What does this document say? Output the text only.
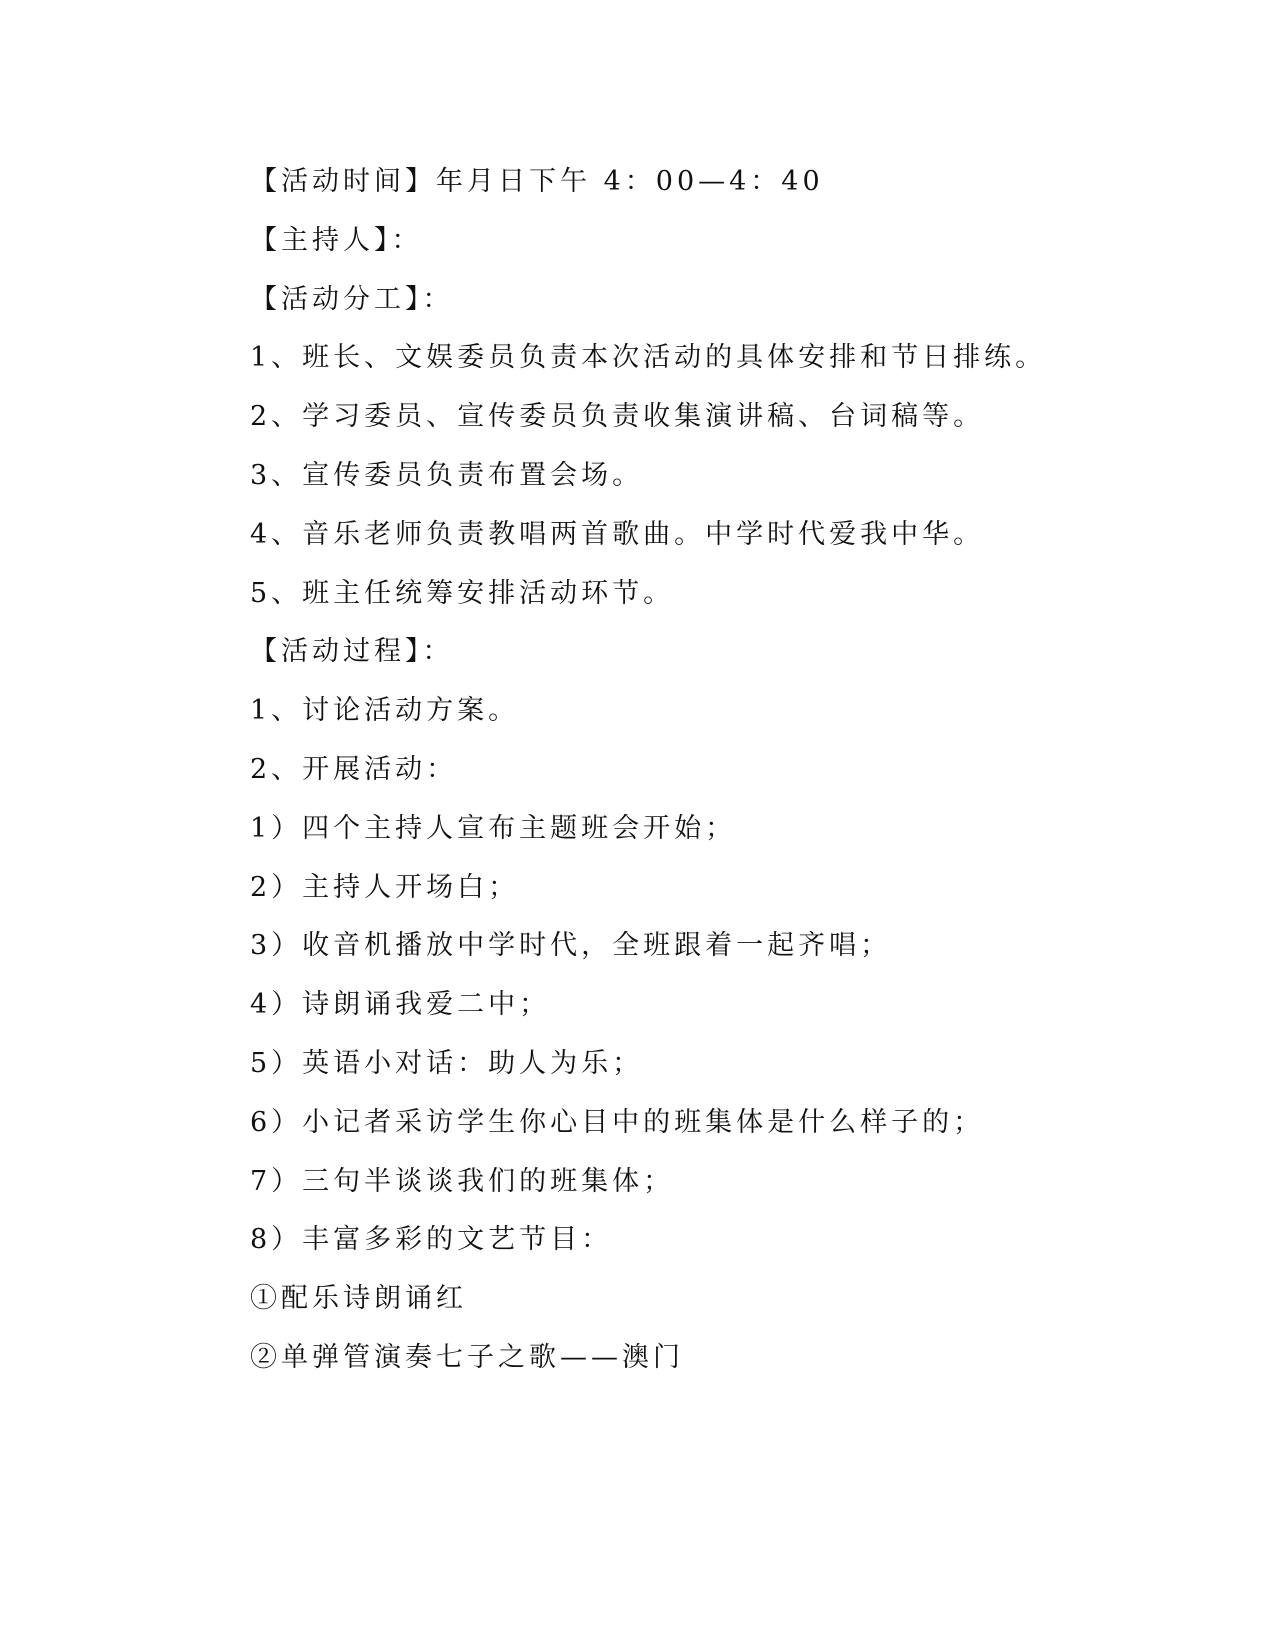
【活动时间】年月日下午 4：00—4：40
【主持人】：
【活动分工】：
1、班长、文娱委员负责本次活动的具体安排和节日排练。
2、学习委员、宣传委员负责收集演讲稿、台词稿等。
3、宣传委员负责布置会场。
4、音乐老师负责教唱两首歌曲。中学时代爱我中华。
5、班主任统筹安排活动环节。
【活动过程】：
1、讨论活动方案。
2、开展活动：
1）四个主持人宣布主题班会开始；
2）主持人开场白；
3）收音机播放中学时代，全班跟着一起齐唱；
4）诗朗诵我爱二中；
5）英语小对话：助人为乐；
6）小记者采访学生你心目中的班集体是什么样子的；
7）三句半谈谈我们的班集体；
8）丰富多彩的文艺节目：
①配乐诗朗诵红
②单弹管演奏七子之歌——澳门
